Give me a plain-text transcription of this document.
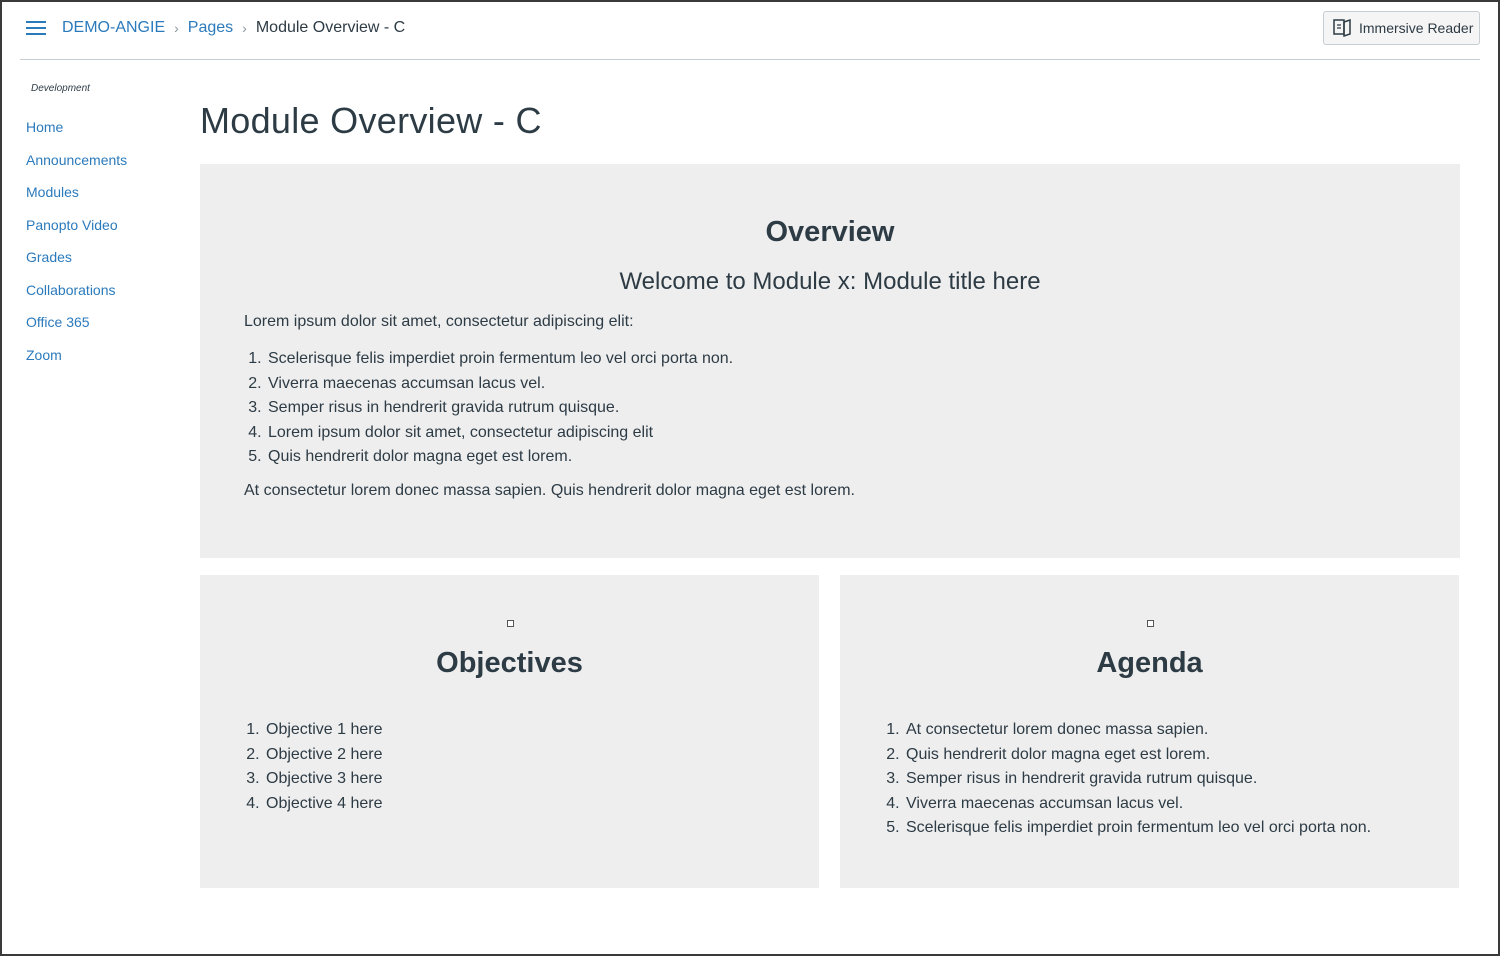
DEMO-ANGIE › Pages › Module Overview - C	Immersive Reader
Development
Home
Announcements
Modules
Panopto Video
Grades
Collaborations
Office 365
Zoom
Module Overview - C
Overview
Welcome to Module x: Module title here

Lorem ipsum dolor sit amet, consectetur adipiscing elit:

1. Scelerisque felis imperdiet proin fermentum leo vel orci porta non.
2. Viverra maecenas accumsan lacus vel.
3. Semper risus in hendrerit gravida rutrum quisque.
4. Lorem ipsum dolor sit amet, consectetur adipiscing elit
5. Quis hendrerit dolor magna eget est lorem.

At consectetur lorem donec massa sapien. Quis hendrerit dolor magna eget est lorem.

Objectives
1. Objective 1 here
2. Objective 2 here
3. Objective 3 here
4. Objective 4 here
Agenda
1. At consectetur lorem donec massa sapien.
2. Quis hendrerit dolor magna eget est lorem.
3. Semper risus in hendrerit gravida rutrum quisque.
4. Viverra maecenas accumsan lacus vel.
5. Scelerisque felis imperdiet proin fermentum leo vel orci porta non.
